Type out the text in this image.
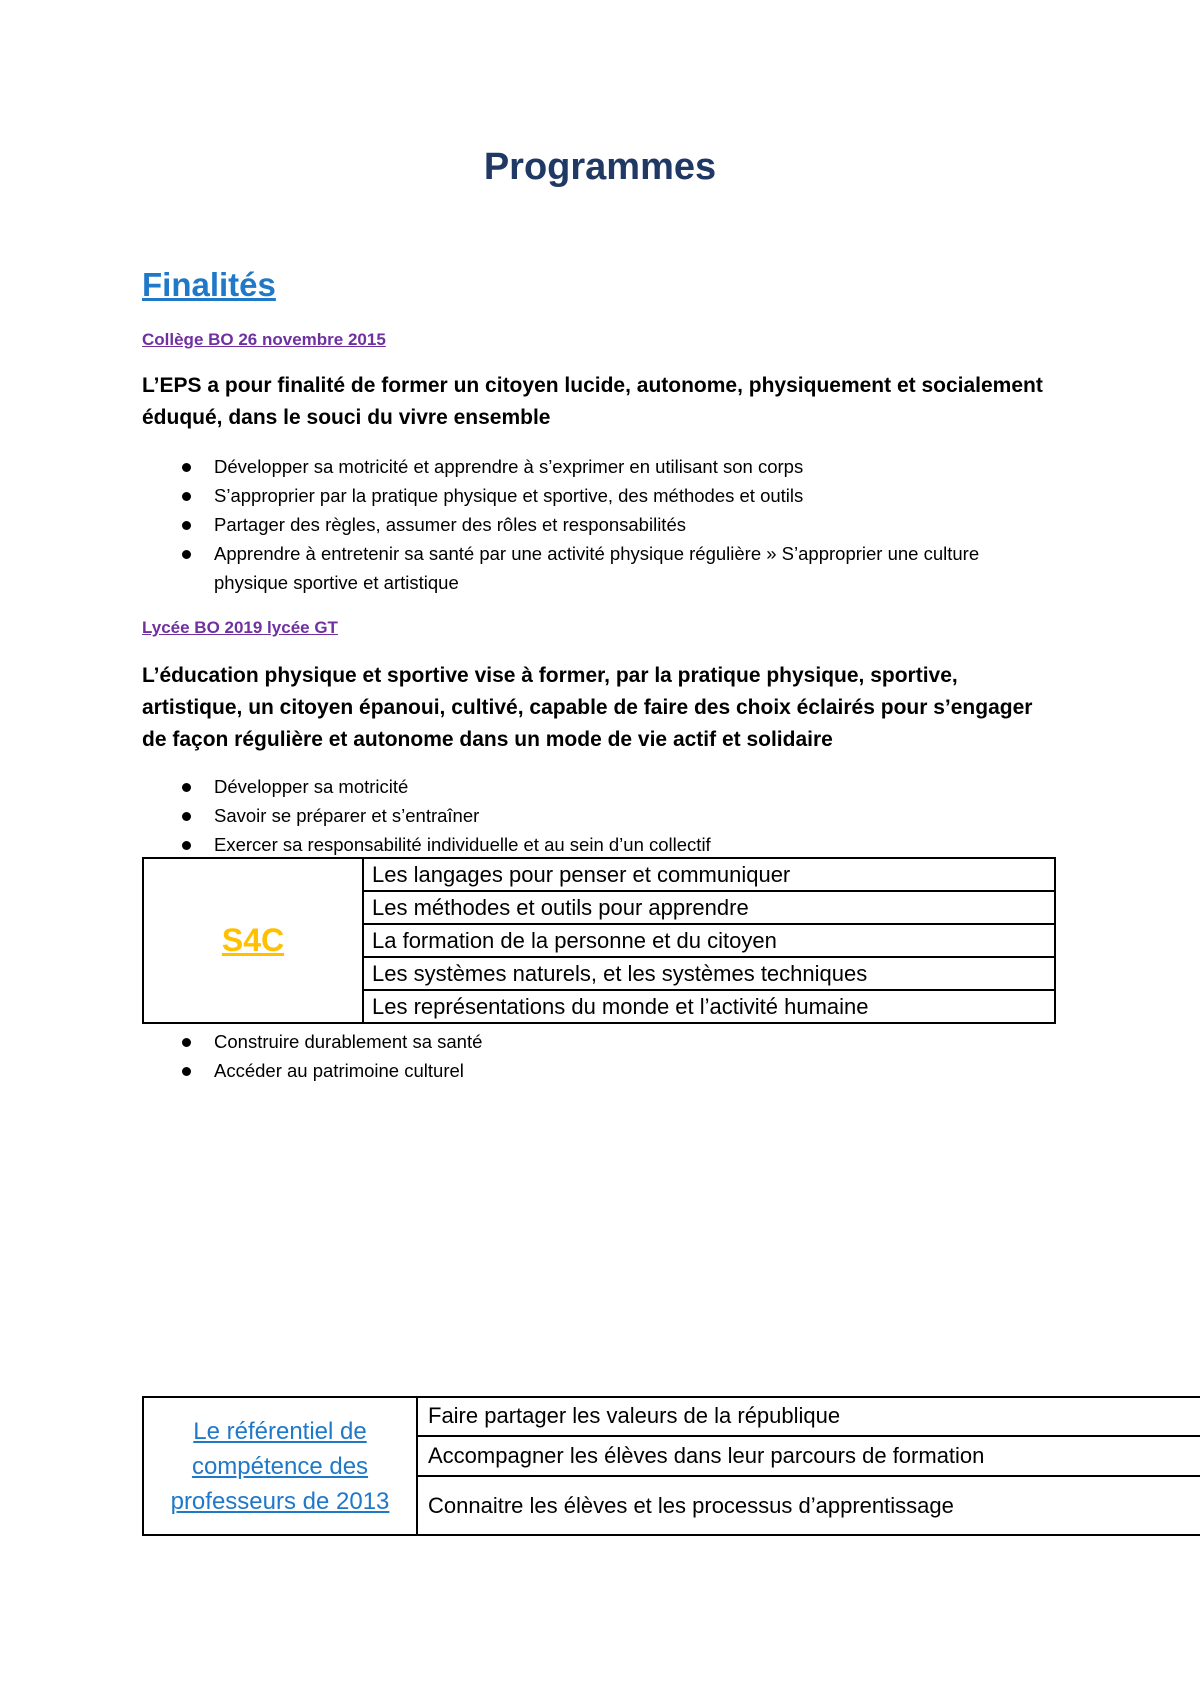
Programmes
Finalités
Collège BO 26 novembre 2015
L’EPS a pour finalité de former un citoyen lucide, autonome, physiquement et socialement éduqué, dans le souci du vivre ensemble
Développer sa motricité et apprendre à s’exprimer en utilisant son corps
S’approprier par la pratique physique et sportive, des méthodes et outils
Partager des règles, assumer des rôles et responsabilités
Apprendre à entretenir sa santé par une activité physique régulière » S’approprier une culture physique sportive et artistique
Lycée BO 2019 lycée GT
L’éducation physique et sportive vise à former, par la pratique physique, sportive, artistique, un citoyen épanoui, cultivé, capable de faire des choix éclairés pour s’engager de façon régulière et autonome dans un mode de vie actif et solidaire
Développer sa motricité
Savoir se préparer et s’entraîner
Exercer sa responsabilité individuelle et au sein d’un collectif
S4C	Les langages pour penser et communiquer
Les méthodes et outils pour apprendre
La formation de la personne et du citoyen
Les systèmes naturels, et les systèmes techniques
Les représentations du monde et l’activité humaine
Construire durablement sa santé
Accéder au patrimoine culturel
Le référentiel de compétence des professeurs de 2013	Faire partager les valeurs de la république
Accompagner les élèves dans leur parcours de formation
Connaitre les élèves et les processus d’apprentissage
